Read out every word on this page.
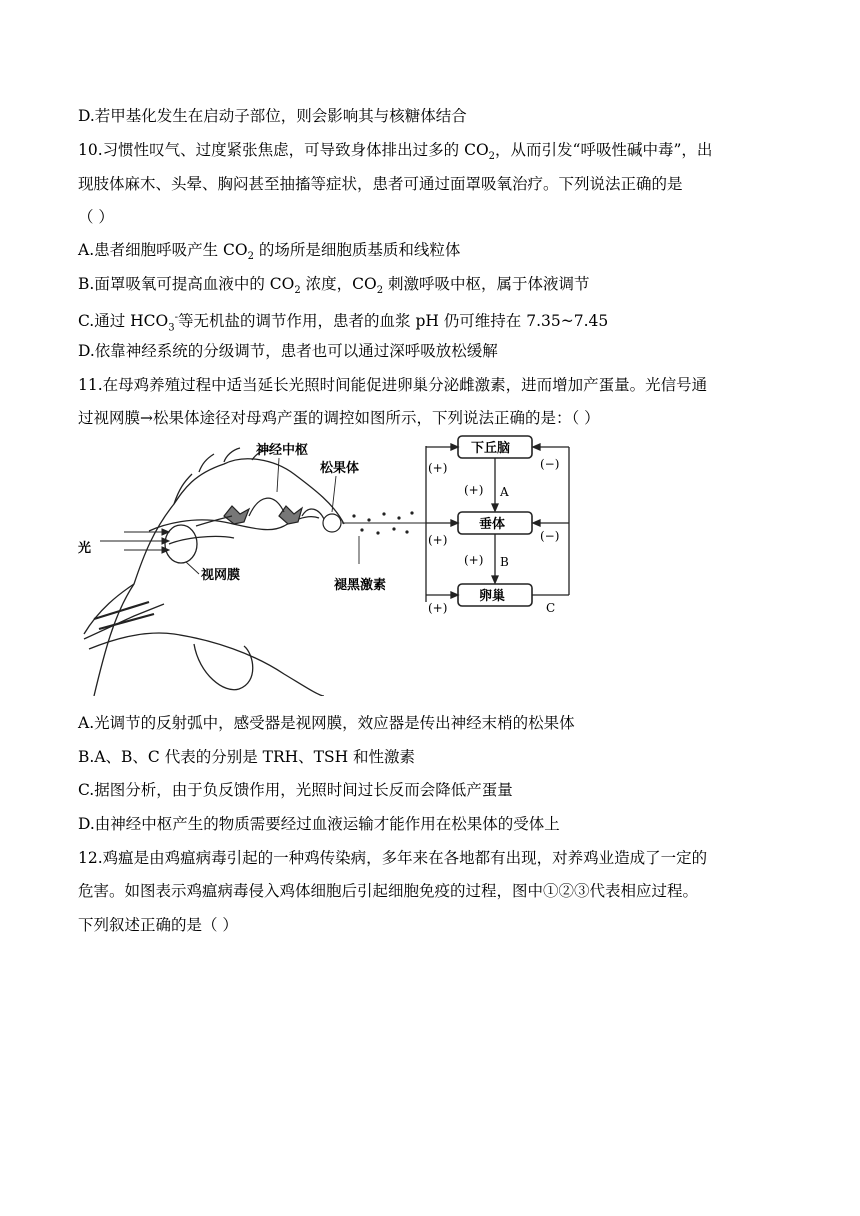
D.若甲基化发生在启动子部位，则会影响其与核糖体结合
10.习惯性叹气、过度紧张焦虑，可导致身体排出过多的 $CO_2$，从而引发“呼吸性碱中毒”，出
现肢体麻木、头晕、胸闷甚至抽搐等症状，患者可通过面罩吸氧治疗。下列说法正确的是
（ ）
A.患者细胞呼吸产生 $CO_2$ 的场所是细胞质基质和线粒体
B.面罩吸氧可提高血液中的 $CO_2$ 浓度，$CO_2$ 刺激呼吸中枢，属于体液调节
C.通过 $HCO_3^-$等无机盐的调节作用，患者的血浆 pH 仍可维持在 7.35~7.45
D.依靠神经系统的分级调节，患者也可以通过深呼吸放松缓解
11.在母鸡养殖过程中适当延长光照时间能促进卵巢分泌雌激素，进而增加产蛋量。光信号通
过视网膜→松果体途径对母鸡产蛋的调控如图所示，下列说法正确的是：（ ）
神经中枢
松果体
光
视网膜
褪黑激素
下丘脑
垂体
卵巢
(+)
(+)
(+)
(+)
(+)
(−)
(−)
A
B
C
A.光调节的反射弧中，感受器是视网膜，效应器是传出神经末梢的松果体
B.A、B、C 代表的分别是 TRH、TSH 和性激素
C.据图分析，由于负反馈作用，光照时间过长反而会降低产蛋量
D.由神经中枢产生的物质需要经过血液运输才能作用在松果体的受体上
12.鸡瘟是由鸡瘟病毒引起的一种鸡传染病，多年来在各地都有出现，对养鸡业造成了一定的
危害。如图表示鸡瘟病毒侵入鸡体细胞后引起细胞免疫的过程，图中①②③代表相应过程。
下列叙述正确的是（ ）
